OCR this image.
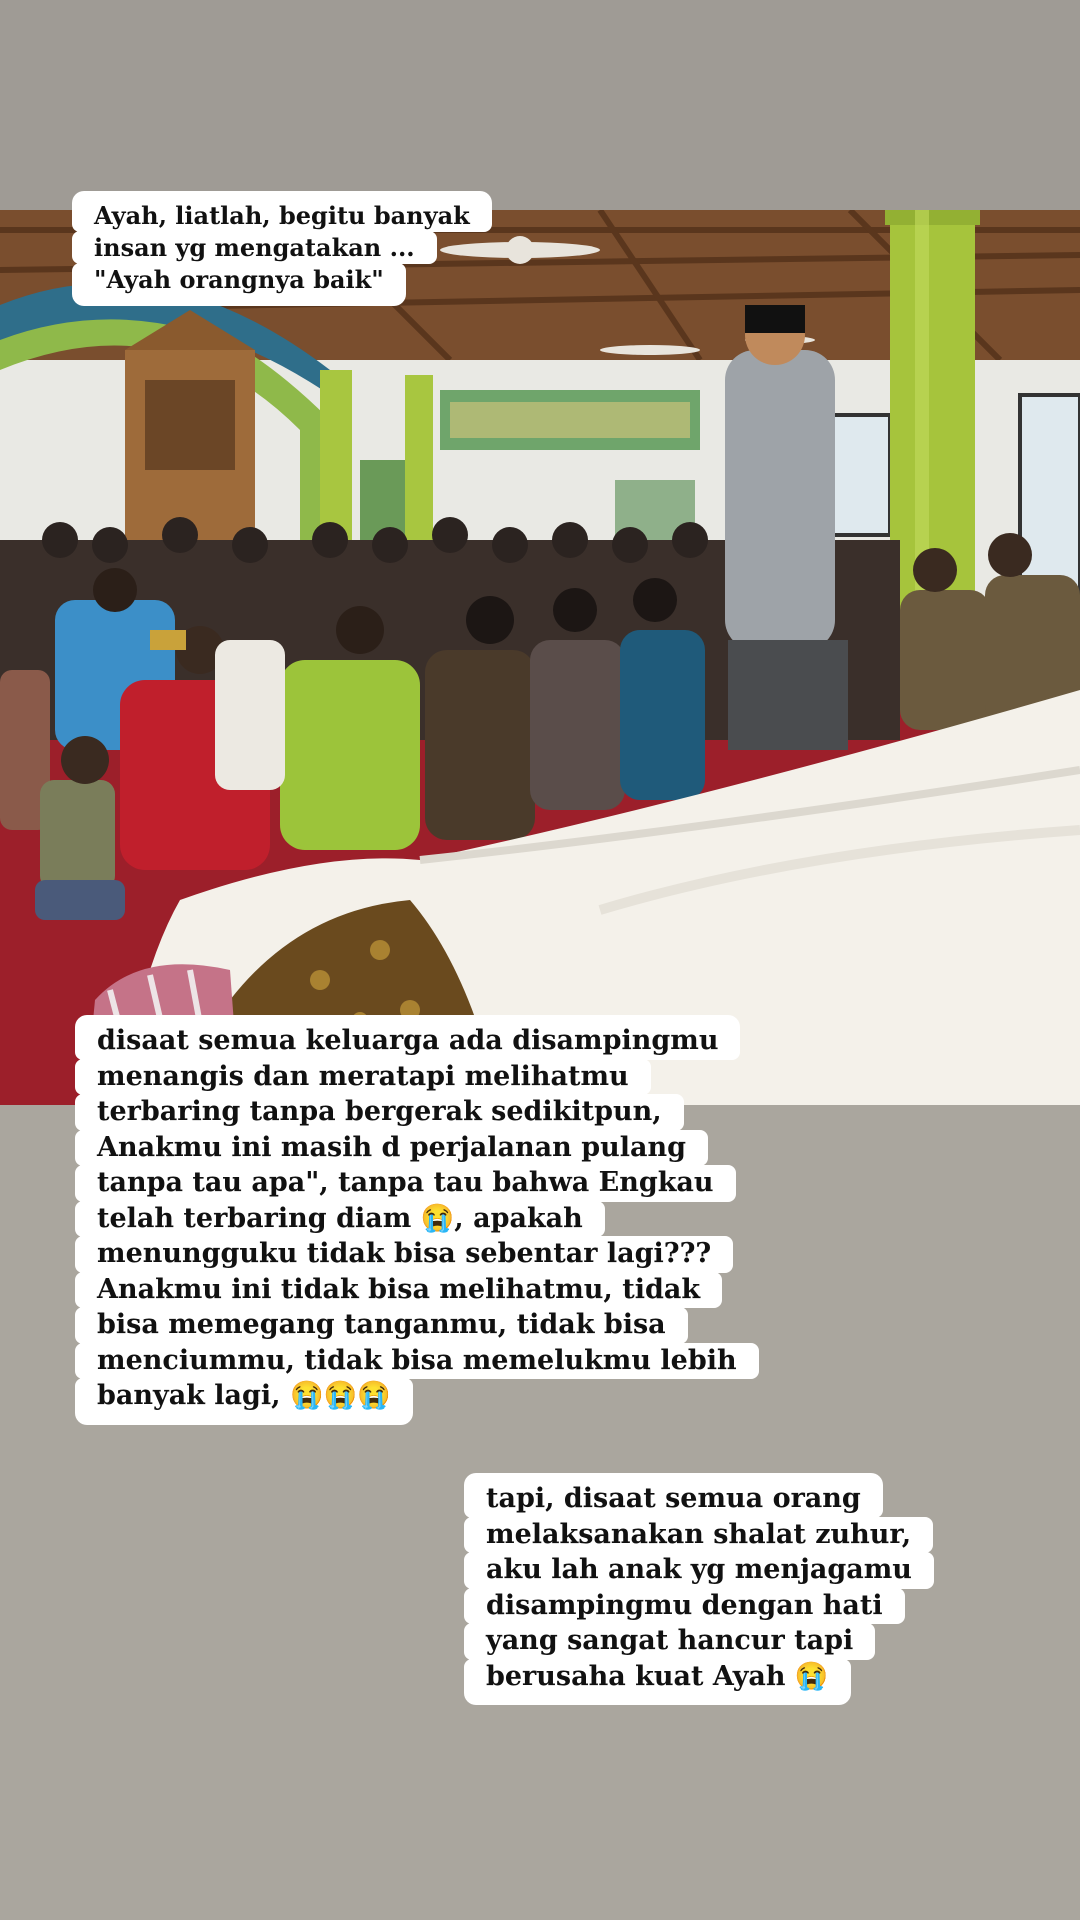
Ayah, liatlah, begitu banyak
insan yg mengatakan ...
"Ayah orangnya baik"
disaat semua keluarga ada disampingmu
menangis dan meratapi melihatmu
terbaring tanpa bergerak sedikitpun,
Anakmu ini masih d perjalanan pulang
tanpa tau apa", tanpa tau bahwa Engkau
telah terbaring diam 😭, apakah
menungguku tidak bisa sebentar lagi???
Anakmu ini tidak bisa melihatmu, tidak
bisa memegang tanganmu, tidak bisa
menciummu, tidak bisa memelukmu lebih
banyak lagi, 😭😭😭
tapi, disaat semua orang
melaksanakan shalat zuhur,
aku lah anak yg menjagamu
disampingmu dengan hati
yang sangat hancur tapi
berusaha kuat Ayah 😭
